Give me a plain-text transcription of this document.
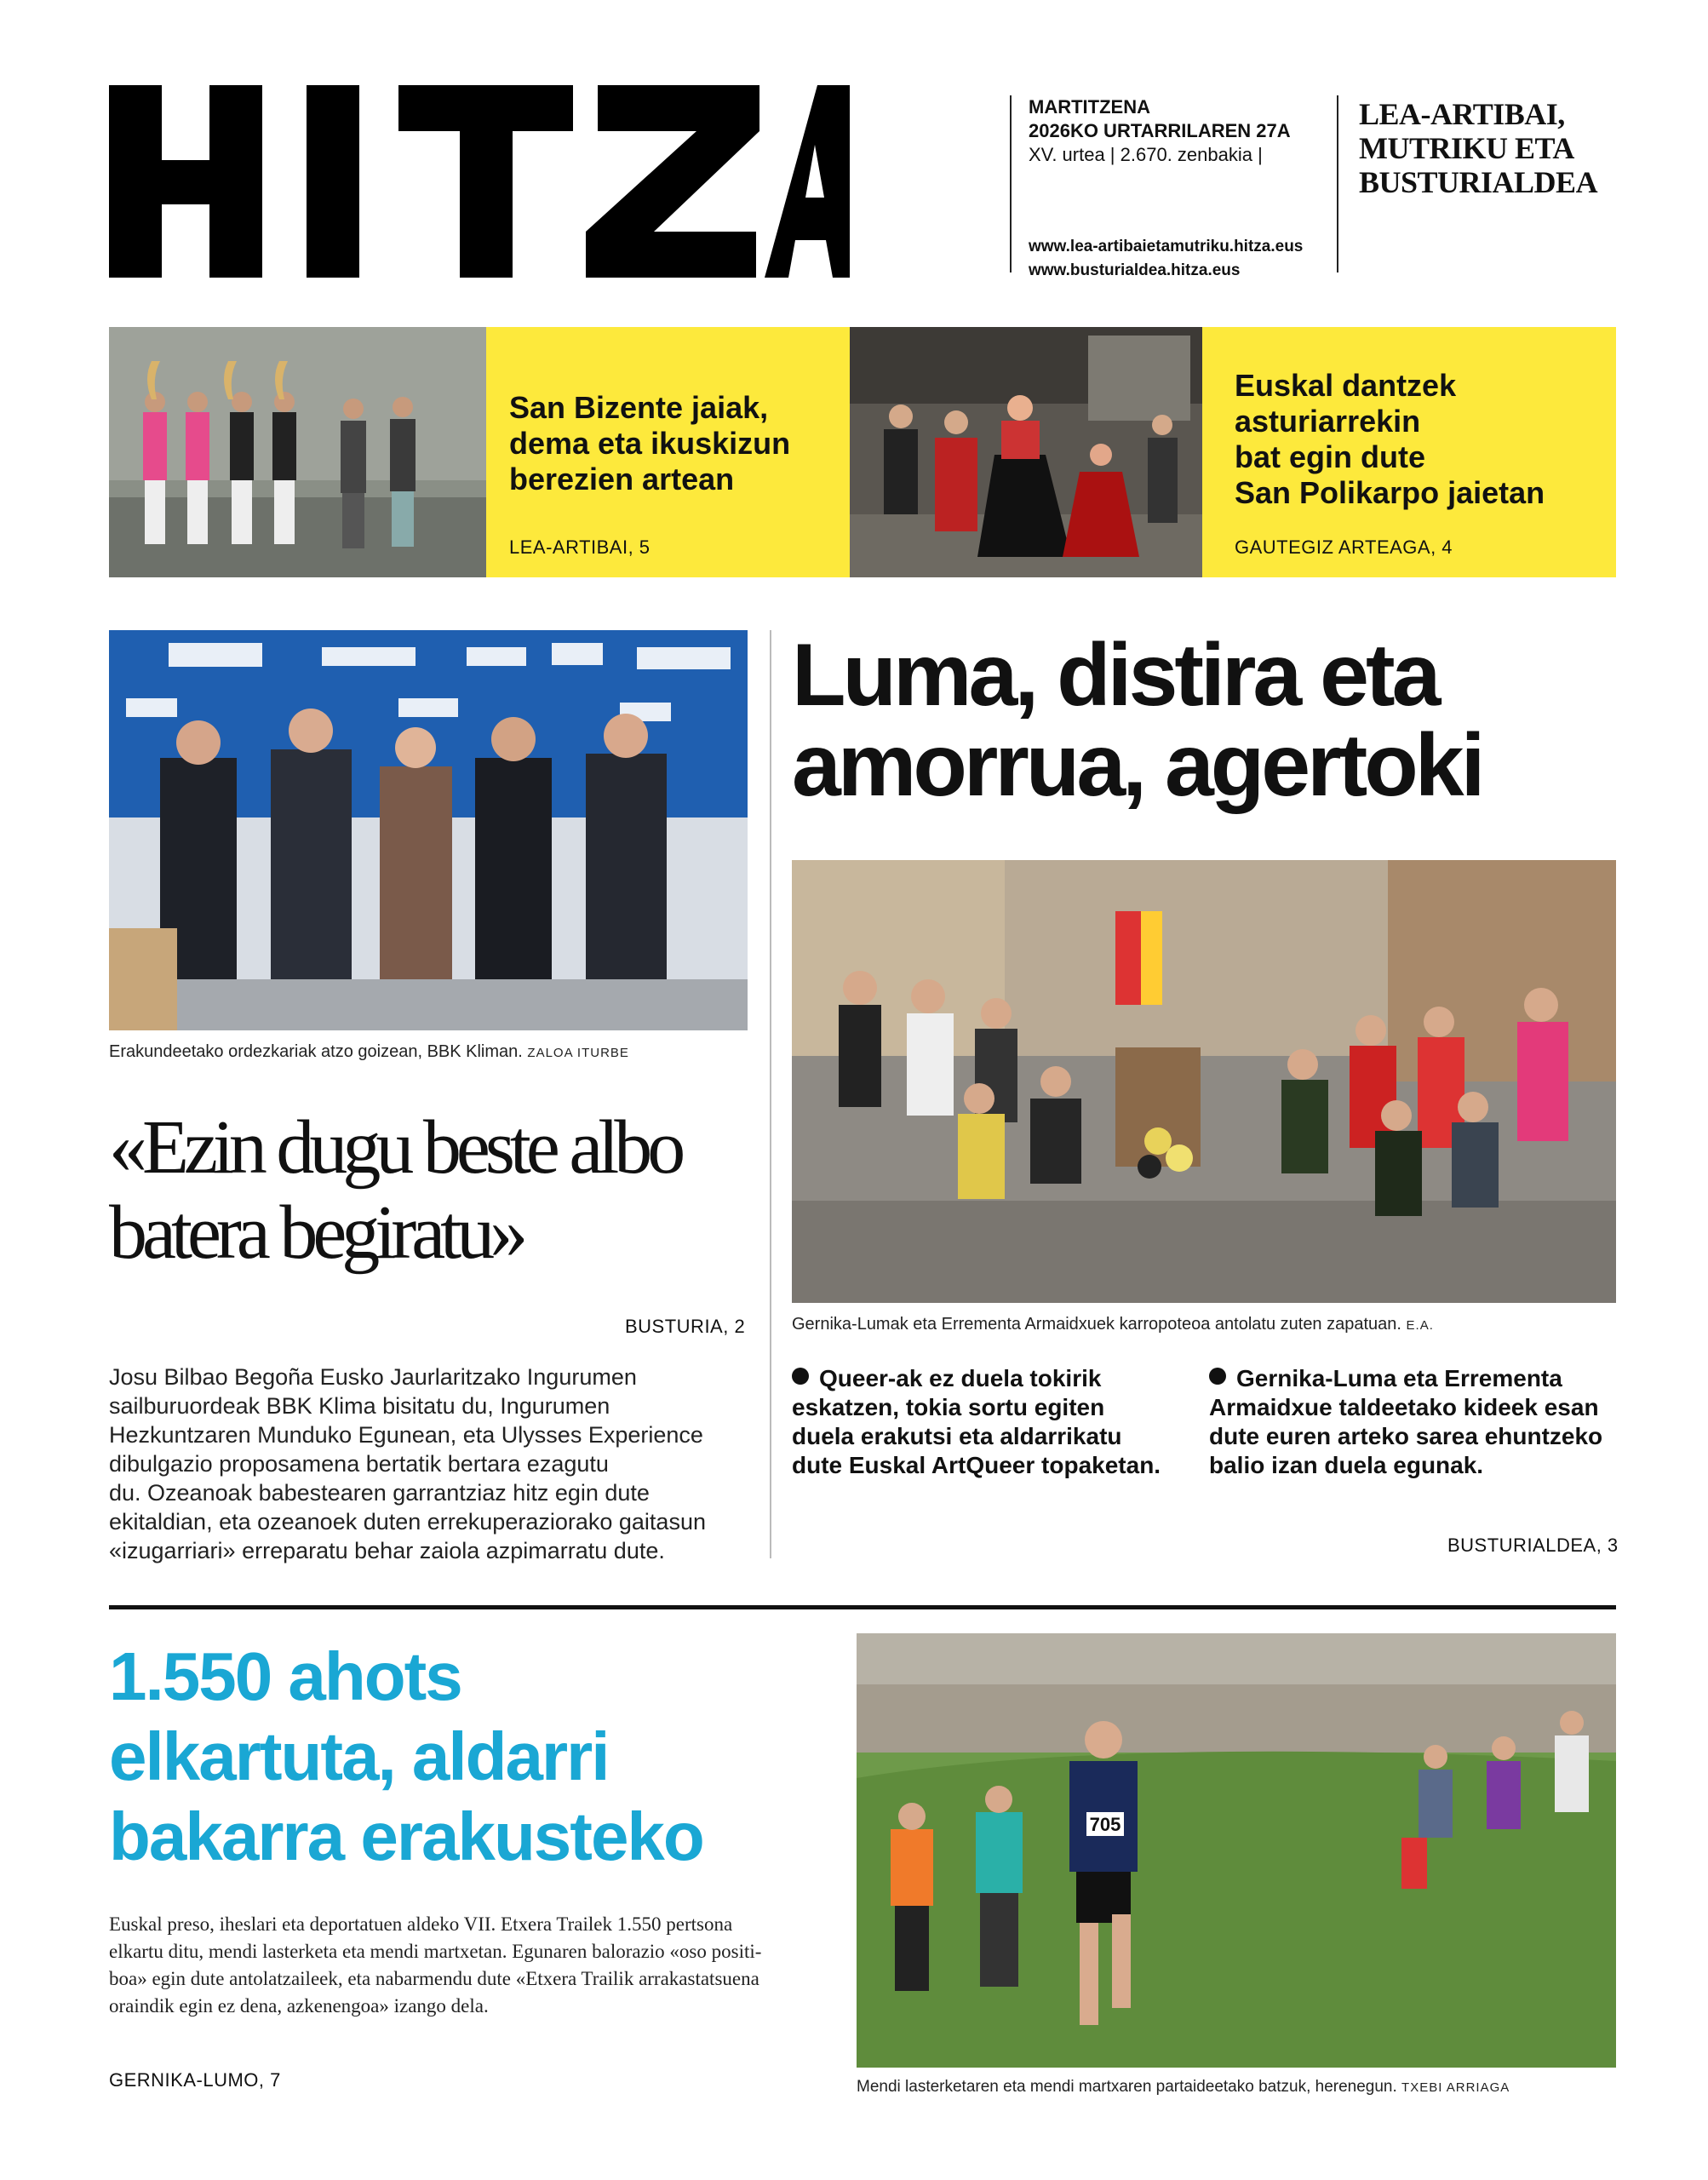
MARTITZENA
2026KO URTARRILAREN 27A
XV. urtea | 2.670. zenbakia |
www.lea-artibaietamutriku.hitza.eus
www.busturialdea.hitza.eus
LEA-ARTIBAI,
MUTRIKU ETA
BUSTURIALDEA
San Bizente jaiak,
dema eta ikuskizun
berezien artean
LEA-ARTIBAI, 5
Euskal dantzek
asturiarrekin
bat egin dute
San Polikarpo jaietan
GAUTEGIZ ARTEAGA, 4
Erakundeetako ordezkariak atzo goizean, BBK Kliman. ZALOA ITURBE
«Ezin dugu beste albo
batera begiratu»
BUSTURIA, 2
Josu Bilbao Begoña Eusko Jaurlaritzako Ingurumen
sailburuordeak BBK Klima bisitatu du, Ingurumen
Hezkuntzaren Munduko Egunean, eta Ulysses Experience
dibulgazio proposamena bertatik bertara ezagutu
du. Ozeanoak babestearen garrantziaz hitz egin dute
ekitaldian, eta ozeanoek duten errekuperaziorako gaitasun
«izugarriari» erreparatu behar zaiola azpimarratu dute.
Luma, distira eta
amorrua, agertoki
Gernika-Lumak eta Errementa Armaidxuek karropoteoa antolatu zuten zapatuan. E.A.
Queer-ak ez duela tokirik
eskatzen, tokia sortu egiten
duela erakutsi eta aldarrikatu
dute Euskal ArtQueer topaketan.
Gernika-Luma eta Errementa
Armaidxue taldeetako kideek esan
dute euren arteko sarea ehuntzeko
balio izan duela egunak.
BUSTURIALDEA, 3
1.550 ahots
elkartuta, aldarri
bakarra erakusteko
Euskal preso, iheslari eta deportatuen aldeko VII. Etxera Trailek 1.550 pertsona
elkartu ditu, mendi lasterketa eta mendi martxetan. Egunaren balorazio «oso positi-
boa» egin dute antolatzaileek, eta nabarmendu dute «Etxera Trailik arrakastatsuena
oraindik egin ez dena, azkenengoa» izango dela.
GERNIKA-LUMO, 7
705
Mendi lasterketaren eta mendi martxaren partaideetako batzuk, herenegun. TXEBI ARRIAGA
